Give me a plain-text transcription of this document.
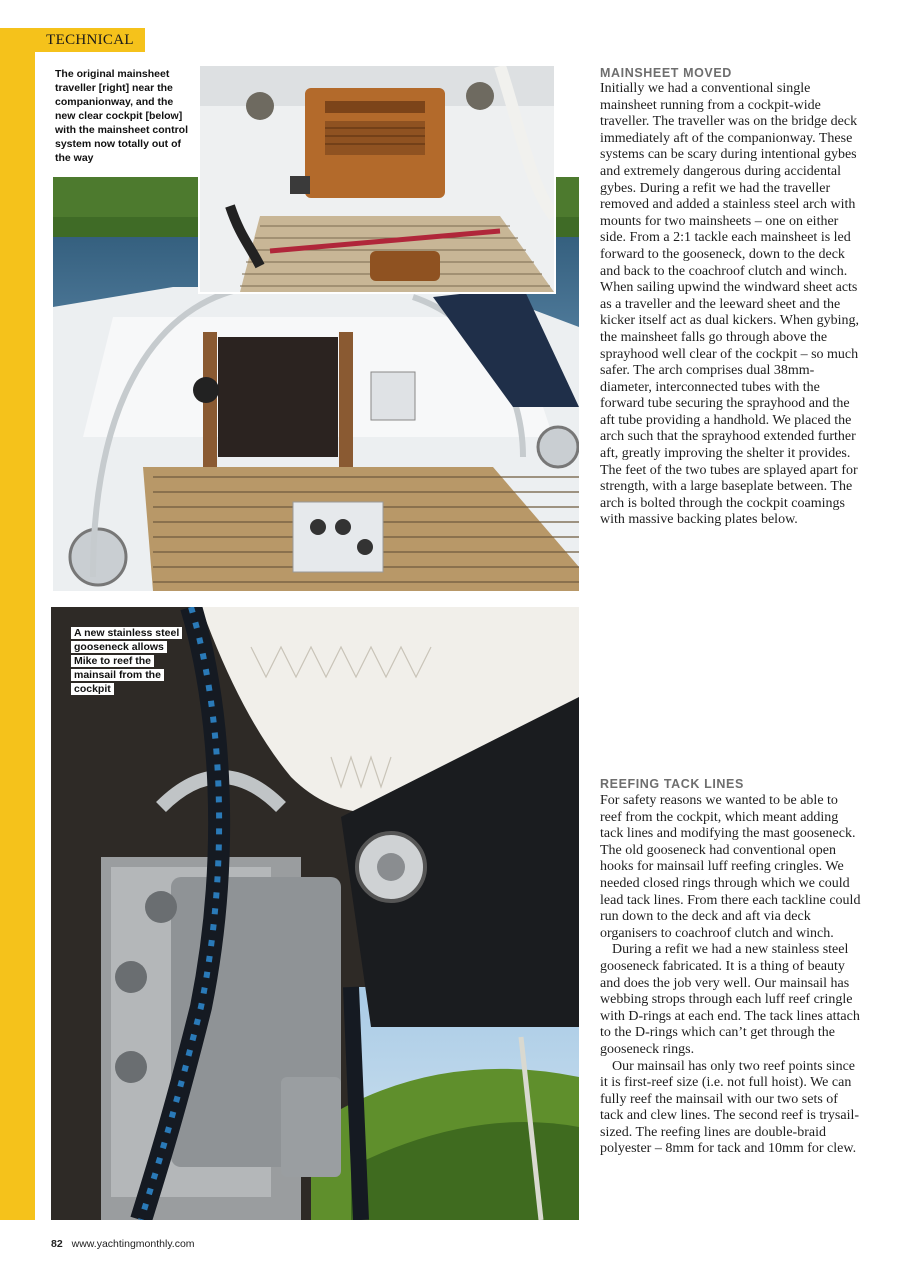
TECHNICAL
The original mainsheet traveller [right] near the companionway, and the new clear cockpit [below] with the mainsheet control system now totally out of the way
A new stainless steel gooseneck allows Mike to reef the mainsail from the cockpit
MAINSHEET MOVED

Initially we had a conventional single mainsheet running from a cockpit-wide traveller. The traveller was on the bridge deck immediately aft of the companionway. These systems can be scary during intentional gybes and extremely dangerous during accidental gybes. During a refit we had the traveller removed and added a stainless steel arch with mounts for two mainsheets – one on either side. From a 2:1 tackle each mainsheet is led forward to the gooseneck, down to the deck and back to the coachroof clutch and winch. When sailing upwind the windward sheet acts as a traveller and the leeward sheet and the kicker itself act as dual kickers. When gybing, the mainsheet falls go through above the sprayhood well clear of the cockpit – so much safer. The arch comprises dual 38mm-diameter, interconnected tubes with the forward tube securing the sprayhood and the aft tube providing a handhold. We placed the arch such that the sprayhood extended further aft, greatly improving the shelter it provides. The feet of the two tubes are splayed apart for strength, with a large baseplate between. The arch is bolted through the cockpit coamings with massive backing plates below.

REEFING TACK LINES

For safety reasons we wanted to be able to reef from the cockpit, which meant adding tack lines and modifying the mast gooseneck. The old gooseneck had conventional open hooks for mainsail luff reefing cringles. We needed closed rings through which we could lead tack lines. From there each tackline could run down to the deck and aft via deck organisers to coachroof clutch and winch.

During a refit we had a new stainless steel gooseneck fabricated. It is a thing of beauty and does the job very well. Our mainsail has webbing strops through each luff reef cringle with D-rings at each end. The tack lines attach to the D-rings which can’t get through the gooseneck rings.

Our mainsail has only two reef points since it is first-reef size (i.e. not full hoist). We can fully reef the mainsail with our two sets of tack and clew lines. The second reef is trysail-sized. The reefing lines are double-braid polyester – 8mm for tack and 10mm for clew.

82 www.yachtingmonthly.com
